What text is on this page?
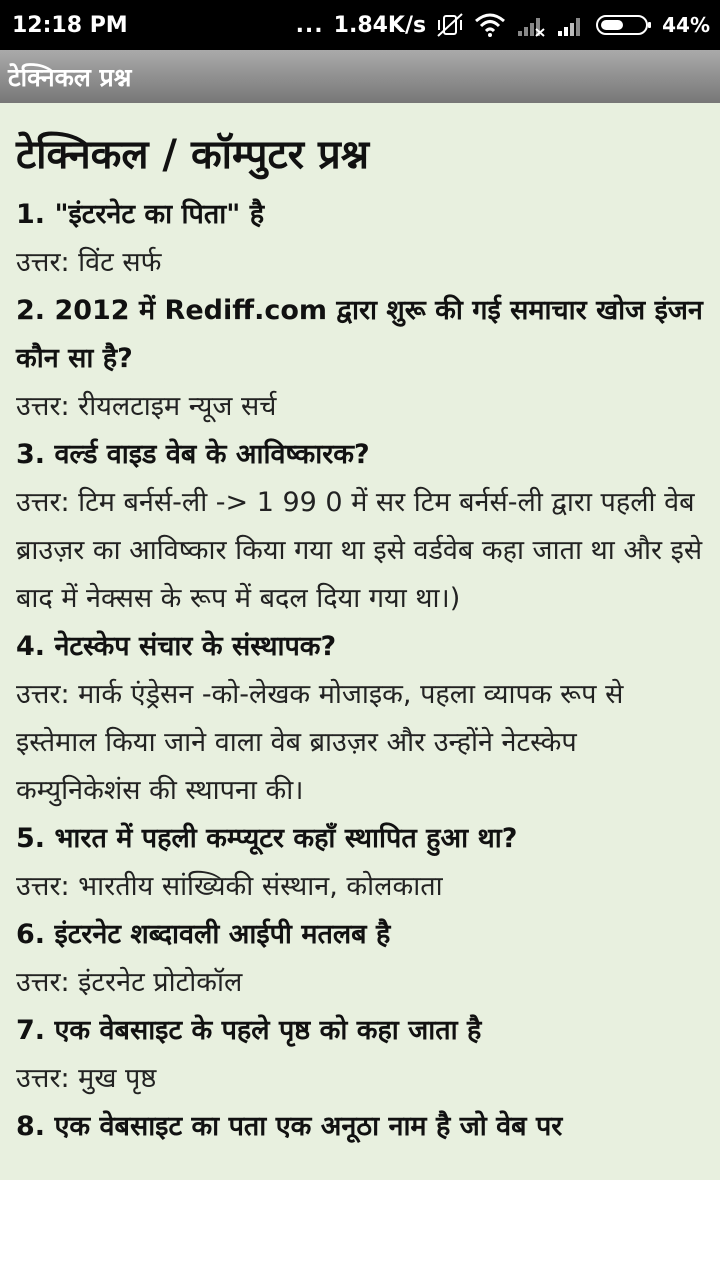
12:18 PM	... 1.84K/s	44%
टेक्निकल प्रश्न
टेक्निकल / कॉम्पुटर प्रश्न
1. "इंटरनेट का पिता" है
उत्तर: विंट सर्फ
2. 2012 में Rediff.com द्वारा शुरू की गई समाचार खोज इंजन कौन सा है?
उत्तर: रीयलटाइम न्यूज सर्च
3. वर्ल्ड वाइड वेब के आविष्कारक?
उत्तर: टिम बर्नर्स-ली -> 1 99 0 में सर टिम बर्नर्स-ली द्वारा पहली वेब ब्राउज़र का आविष्कार किया गया था इसे वर्डवेब कहा जाता था और इसे बाद में नेक्सस के रूप में बदल दिया गया था।)
4. नेटस्केप संचार के संस्थापक?
उत्तर: मार्क एंड्रेसन -को-लेखक मोजाइक, पहला व्यापक रूप से इस्तेमाल किया जाने वाला वेब ब्राउज़र और उन्होंने नेटस्केप कम्युनिकेशंस की स्थापना की।
5. भारत में पहली कम्प्यूटर कहाँ स्थापित हुआ था?
उत्तर: भारतीय सांख्यिकी संस्थान, कोलकाता
6. इंटरनेट शब्दावली आईपी मतलब है
उत्तर: इंटरनेट प्रोटोकॉल
7. एक वेबसाइट के पहले पृष्ठ को कहा जाता है
उत्तर: मुख पृष्ठ
8. एक वेबसाइट का पता एक अनूठा नाम है जो वेब पर
